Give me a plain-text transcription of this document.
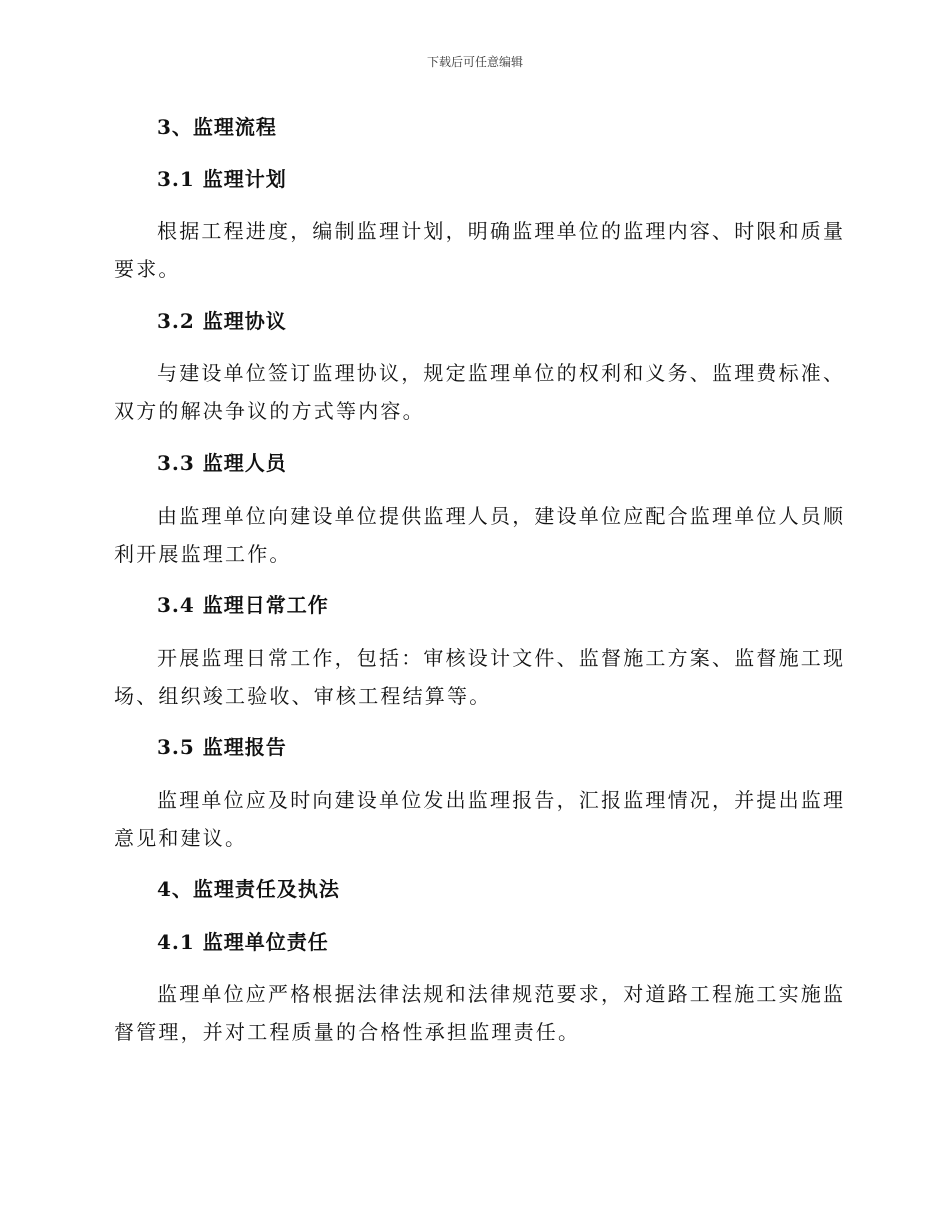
下载后可任意编辑
3、监理流程
3.1 监理计划
根据工程进度，编制监理计划，明确监理单位的监理内容、时限和质量
要求。
3.2 监理协议
与建设单位签订监理协议，规定监理单位的权利和义务、监理费标准、
双方的解决争议的方式等内容。
3.3 监理人员
由监理单位向建设单位提供监理人员，建设单位应配合监理单位人员顺
利开展监理工作。
3.4 监理日常工作
开展监理日常工作，包括：审核设计文件、监督施工方案、监督施工现
场、组织竣工验收、审核工程结算等。
3.5 监理报告
监理单位应及时向建设单位发出监理报告，汇报监理情况，并提出监理
意见和建议。
4、监理责任及执法
4.1 监理单位责任
监理单位应严格根据法律法规和法律规范要求，对道路工程施工实施监
督管理，并对工程质量的合格性承担监理责任。
